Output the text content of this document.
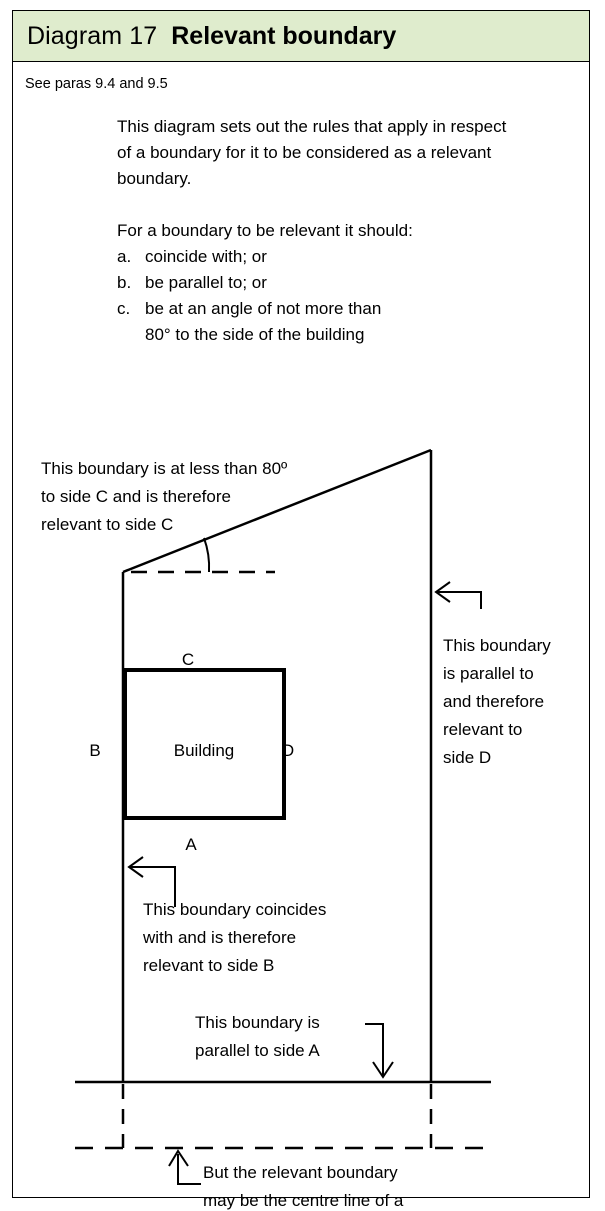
Diagram 17 Relevant boundary
See paras 9.4 and 9.5

This diagram sets out the rules that apply in respect of a boundary for it to be considered as a relevant boundary.

For a boundary to be relevant it should:

a. coincide with; or
b. be parallel to; or
c. be at an angle of not more than
80° to the side of the building
Building
C
A
B	D
This boundary is at less than 80º
to side C and is therefore
relevant to side C
This boundary
is parallel to
and therefore
relevant to
side D
This boundary coincides
with and is therefore
relevant to side B
This boundary is
parallel to side A
But the relevant boundary
may be the centre line of a
